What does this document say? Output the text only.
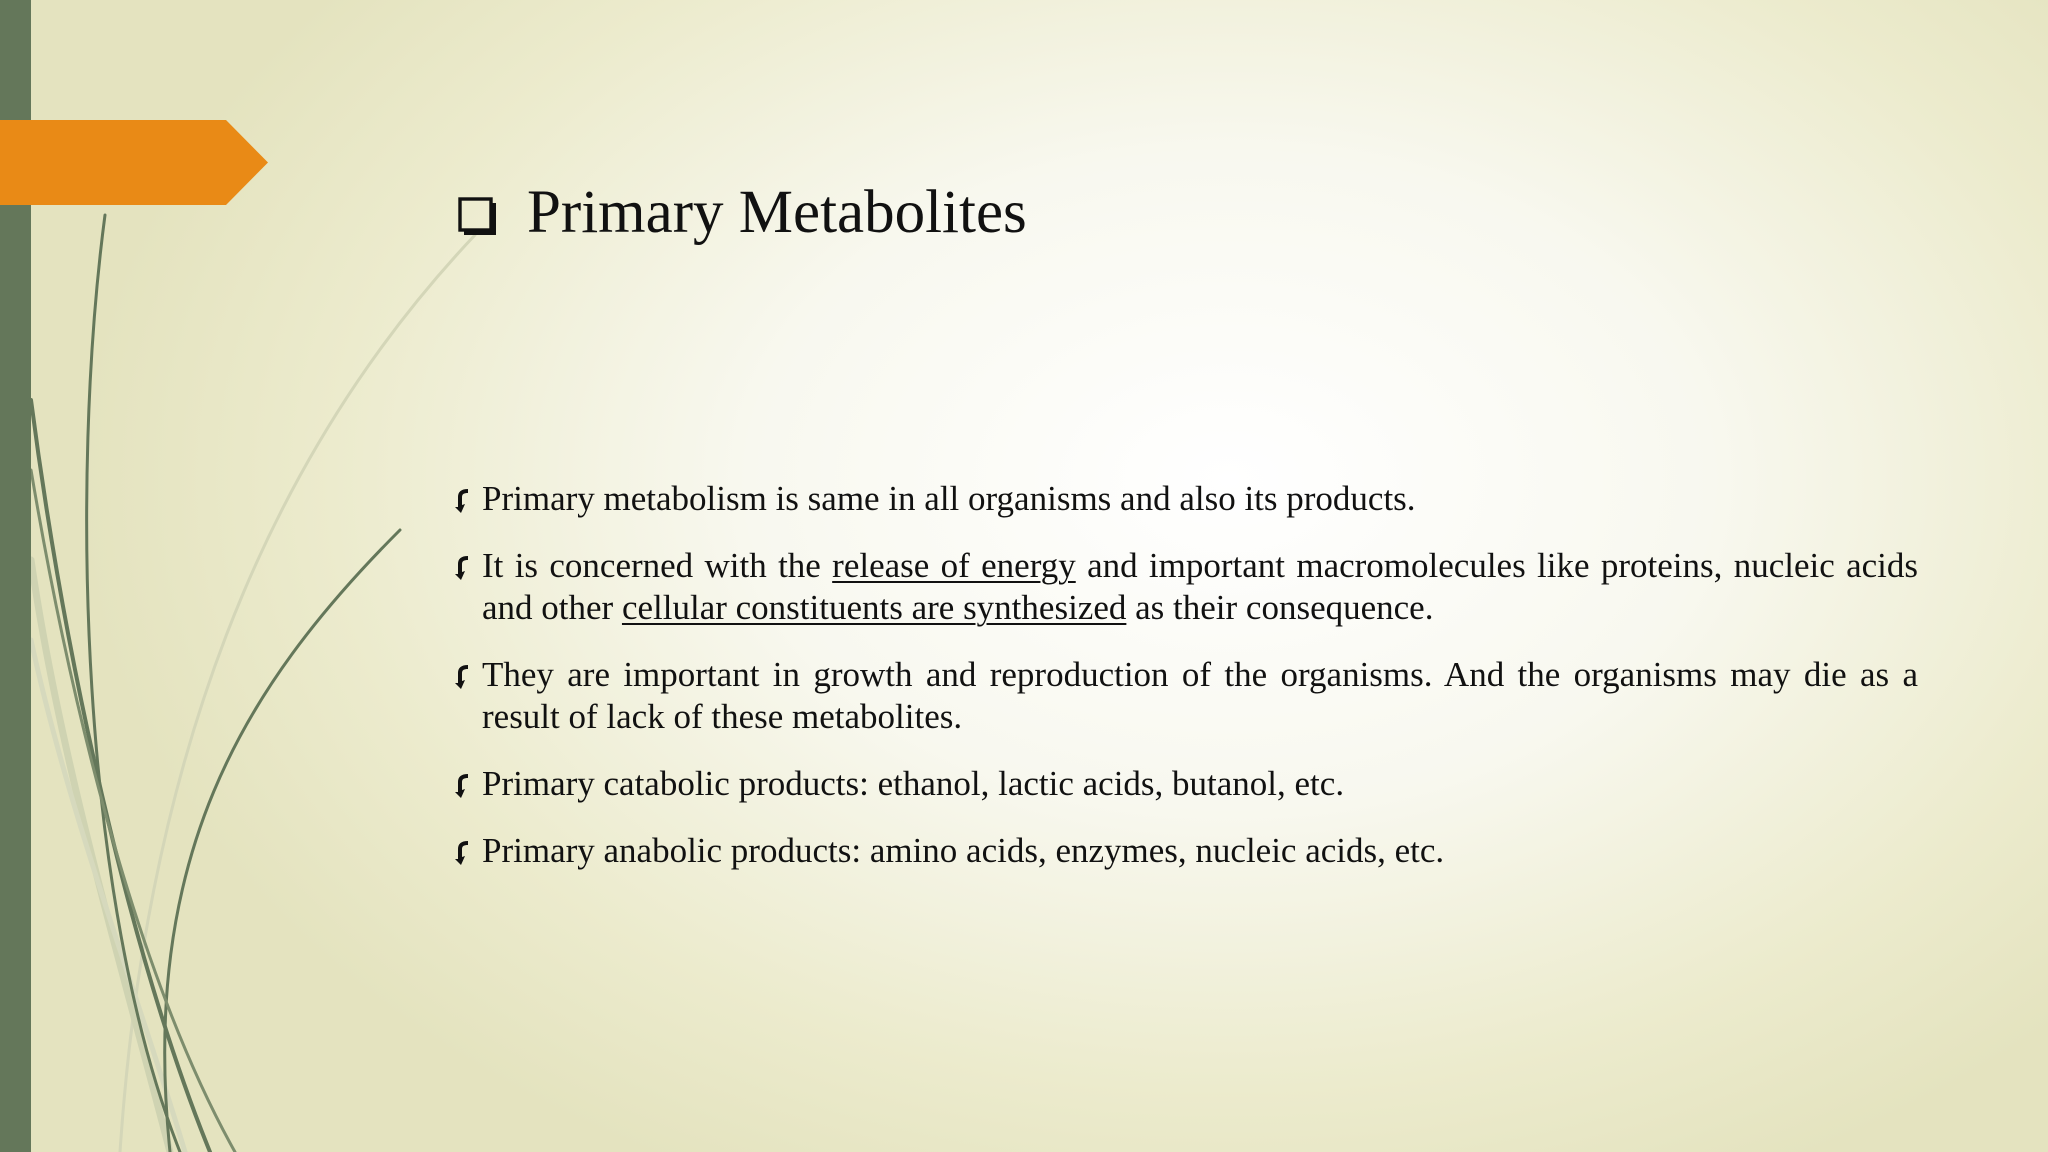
Primary Metabolites
Primary metabolism is same in all organisms and also its products.
It is concerned with the release of energy and important macromolecules like proteins, nucleic acids and other cellular constituents are synthesized as their consequence.
They are important in growth and reproduction of the organisms. And the organisms may die as a result of lack of these metabolites.
Primary catabolic products: ethanol, lactic acids, butanol, etc.
Primary anabolic products: amino acids, enzymes, nucleic acids, etc.
